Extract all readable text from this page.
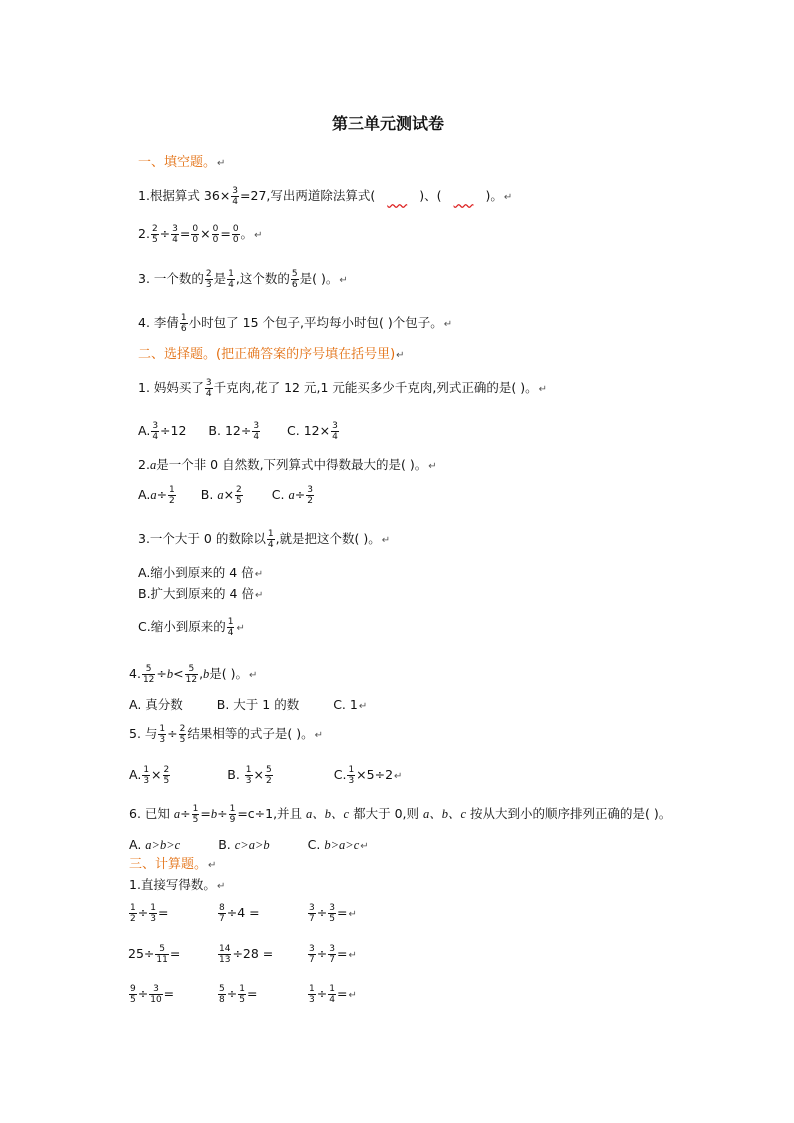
第三单元测试卷
一、填空题。↵
1.根据算式 $36\times \frac{3}{4} =27$,写出两道除法算式(	)、(	)。↵
2. $\frac{2}{5} \div \frac{3}{4} = \frac{0}{0} \times \frac{0}{0} = \frac{0}{0}$ 。↵
3. 一个数的 $\frac{2}{3}$ 是 $\frac{1}{4}$ ,这个数的 $\frac{5}{6}$ 是( )。↵
4. 李倩 $\frac{1}{6}$ 小时包了 15 个包子,平均每小时包( )个包子。↵
二、选择题。(把正确答案的序号填在括号里)↵
1. 妈妈买了 $\frac{3}{4}$ 千克肉,花了 12 元,1 元能买多少千克肉,列式正确的是( )。↵
A. $\frac{3}{4} \div 12$ B. $12\div \frac{3}{4} C$. $12\times \frac{3}{4}$
2.a是一个非 0 自然数,下列算式中得数最大的是( )。↵
$A.a\div \frac{1}{2} B$. $a\times \frac{2}{5} C$. $a\div \frac{3}{2}$
3.一个大于 0 的数除以 $\frac{1}{4}$ ,就是把这个数( )。↵
A.缩小到原来的 4 倍↵
B.扩大到原来的 4 倍↵
C.缩小到原来的 $\frac{1}{4}$ ↵
4. $\frac{5}{12} \div b< \frac{5}{12} ,b$是( )。↵
A. 真分数	B. 大于 1 的数	C. 1↵
5. 与 $\frac{1}{3} \div \frac{2}{5}$ 结果相等的式子是( )。↵
A. $\frac{1}{3} \times \frac{2}{5}$	B. $\frac{1}{3} \times \frac{5}{2}$	C. $\frac{1}{3}$ ×5÷2↵
6. 已知 $a\div \frac{1}{5} =b\div \frac{1}{9} =c\div 1$,并且 a、b、c 都大于 0,则 a、b、c 按从大到小的顺序排列正确的是( )。
A. a>b>c	B. c>a>b	C. b>a>c↵
三、计算题。↵
1.直接写得数。↵
$\frac{1}{2} \div \frac{1}{3}$ =	$\frac{8}{7} \div 4$ =	$\frac{3}{7} \div \frac{3}{5}$ =↵
$25\div \frac{5}{11}$ =	$\frac{14}{13} \div 28$ =	$\frac{3}{7} \div \frac{3}{7}$ =↵
$\frac{9}{5} \div \frac{3}{10}$ =	$\frac{5}{8} \div \frac{1}{5}$ =	$\frac{1}{3} \div \frac{1}{4}$ =↵
